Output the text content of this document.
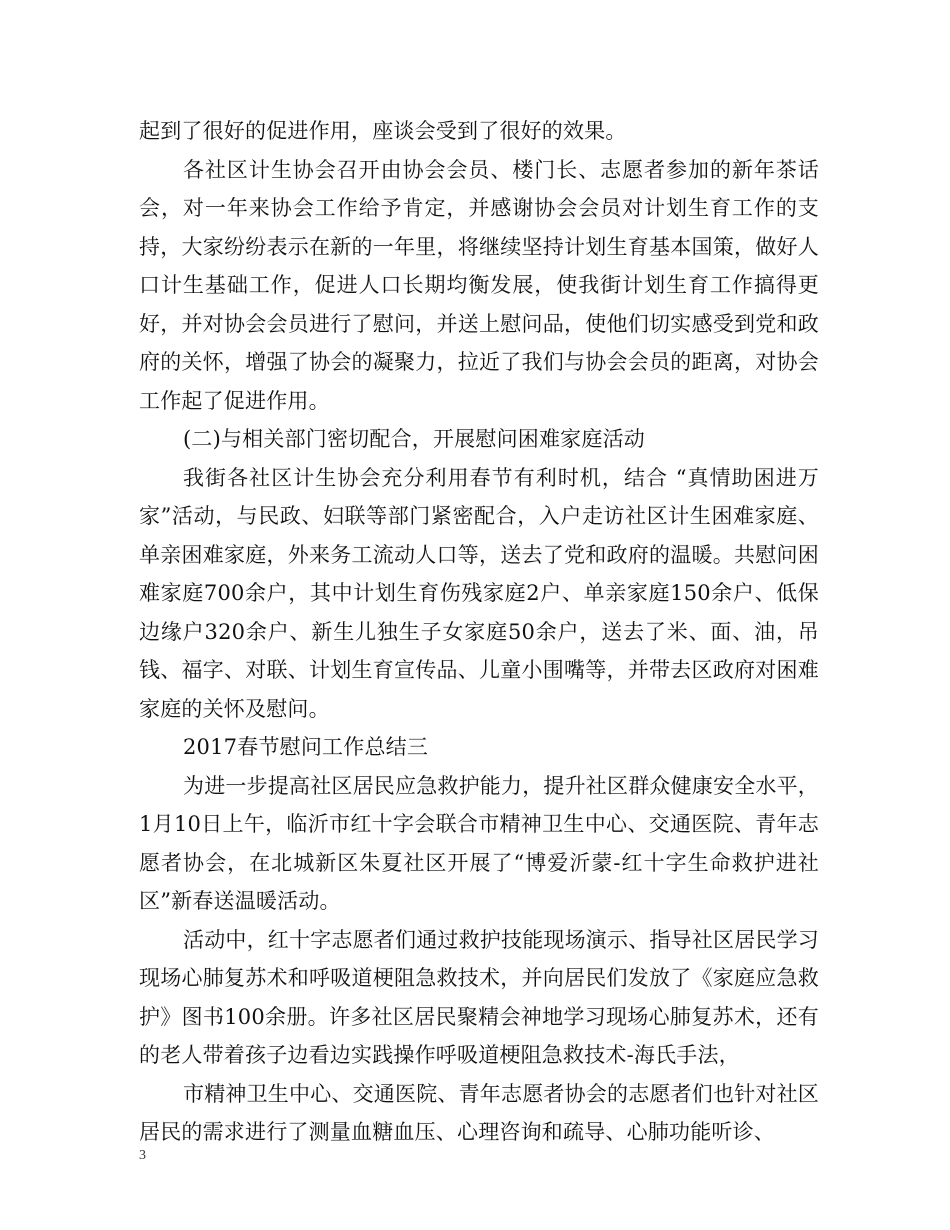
起到了很好的促进作用，座谈会受到了很好的效果。

各社区计生协会召开由协会会员、楼门长、志愿者参加的新年茶话会，对一年来协会工作给予肯定，并感谢协会会员对计划生育工作的支持，大家纷纷表示在新的一年里，将继续坚持计划生育基本国策，做好人口计生基础工作，促进人口长期均衡发展，使我街计划生育工作搞得更好，并对协会会员进行了慰问，并送上慰问品，使他们切实感受到党和政府的关怀，增强了协会的凝聚力，拉近了我们与协会会员的距离，对协会工作起了促进作用。

(二)与相关部门密切配合，开展慰问困难家庭活动

我街各社区计生协会充分利用春节有利时机，结合 “真情助困进万家”活动，与民政、妇联等部门紧密配合，入户走访社区计生困难家庭、单亲困难家庭，外来务工流动人口等，送去了党和政府的温暖。共慰问困难家庭700余户，其中计划生育伤残家庭2户、单亲家庭150余户、低保边缘户320余户、新生儿独生子女家庭50余户，送去了米、面、油，吊钱、福字、对联、计划生育宣传品、儿童小围嘴等，并带去区政府对困难家庭的关怀及慰问。

2017春节慰问工作总结三

为进一步提高社区居民应急救护能力，提升社区群众健康安全水平，1月10日上午，临沂市红十字会联合市精神卫生中心、交通医院、青年志愿者协会，在北城新区朱夏社区开展了“博爱沂蒙-红十字生命救护进社区”新春送温暖活动。

活动中，红十字志愿者们通过救护技能现场演示、指导社区居民学习现场心肺复苏术和呼吸道梗阻急救技术，并向居民们发放了《家庭应急救护》图书100余册。许多社区居民聚精会神地学习现场心肺复苏术，还有的老人带着孩子边看边实践操作呼吸道梗阻急救技术-海氏手法，

市精神卫生中心、交通医院、青年志愿者协会的志愿者们也针对社区居民的需求进行了测量血糖血压、心理咨询和疏导、心肺功能听诊、

3
